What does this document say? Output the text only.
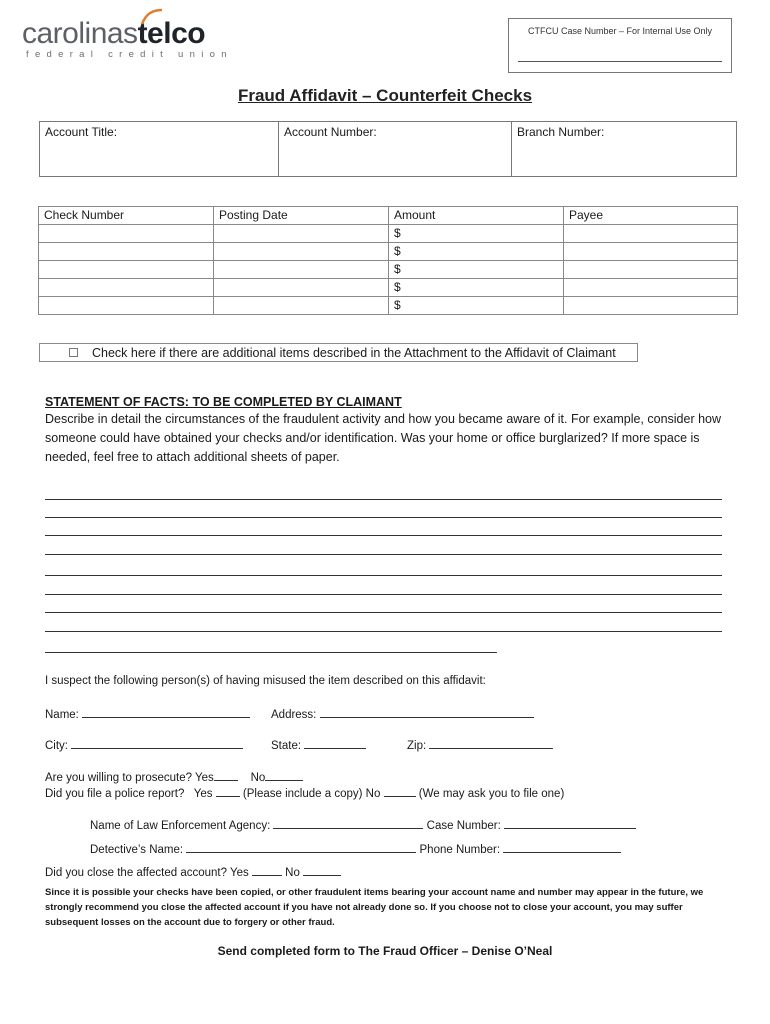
carolinastelco
federal credit union
CTFCU Case Number – For Internal Use Only
Fraud Affidavit – Counterfeit Checks
Account Title:	Account Number:	Branch Number:
Check Number	Posting Date	Amount	Payee
		$	
		$	
		$	
		$	
		$	
Check here if there are additional items described in the Attachment to the Affidavit of Claimant
STATEMENT OF FACTS: TO BE COMPLETED BY CLAIMANT
Describe in detail the circumstances of the fraudulent activity and how you became aware of it. For example, consider how someone could have obtained your checks and/or identification. Was your home or office burglarized? If more space is needed, feel free to attach additional sheets of paper.
I suspect the following person(s) of having misused the item described on this affidavit:
Name:	Address:
City:	State:	Zip:
Are you willing to prosecute? Yes	No
Did you file a police report? Yes	(Please include a copy) No	(We may ask you to file one)
Name of Law Enforcement Agency:	Case Number:
Detective’s Name:	Phone Number:
Did you close the affected account? Yes	No
Since it is possible your checks have been copied, or other fraudulent items bearing your account name and number may appear in the future, we strongly recommend you close the affected account if you have not already done so. If you choose not to close your account, you may suffer subsequent losses on the account due to forgery or other fraud.
Send completed form to The Fraud Officer – Denise O’Neal
